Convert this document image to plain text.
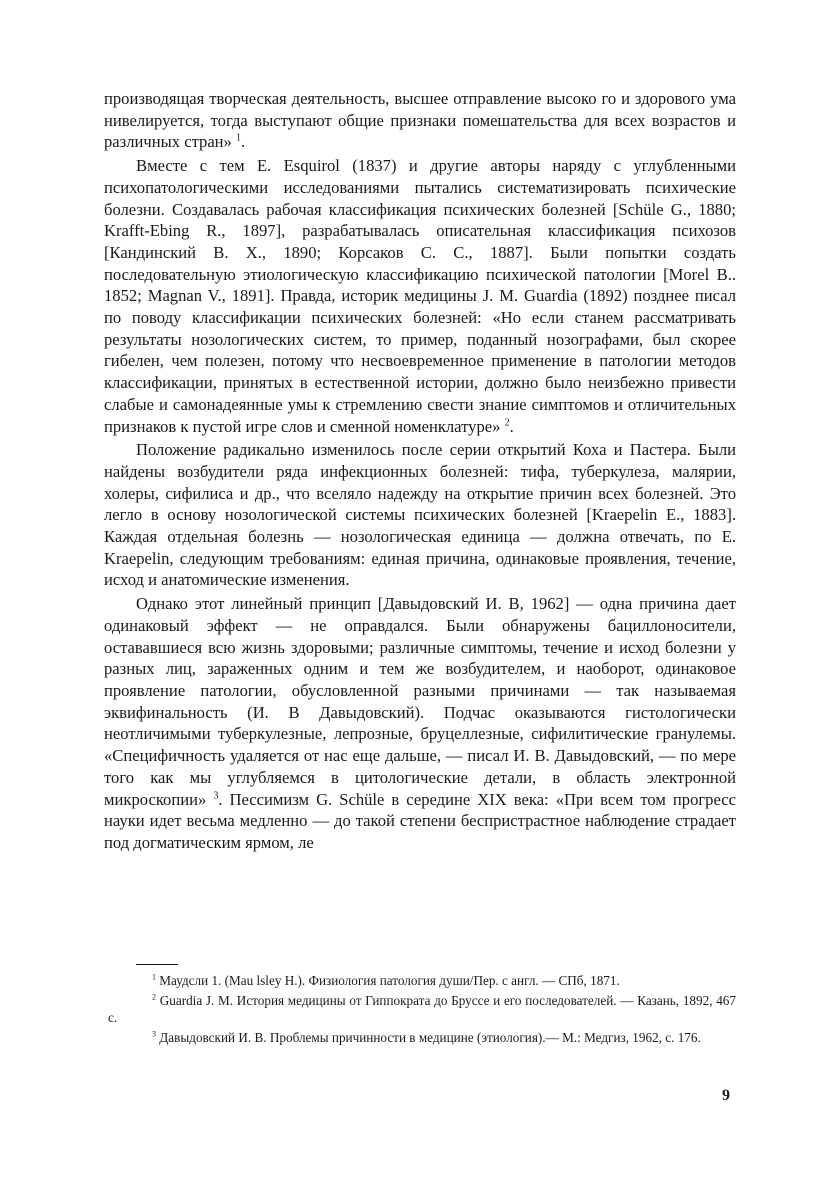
производящая творческая деятельность, высшее отправление высоко го и здорового ума нивелируется, тогда выступают общие признаки помешательства для всех возрастов и различных стран» $^1$.

Вместе с тем E. Esquirol (1837) и другие авторы наряду с углубленными психопатологическими исследованиями пытались систематизировать психические болезни. Создавалась рабочая классификация психических болезней [Schüle G., 1880; Krafft-Ebing R., 1897], разрабатывалась описательная классификация психозов [Кандинский В. Х., 1890; Корсаков С. С., 1887]. Были попытки создать последовательную этиологическую классификацию психической патологии [Morel B.. 1852; Magnan V., 1891]. Правда, историк медицины J. M. Guardia (1892) позднее писал по поводу классификации психических болезней: «Но если станем рассматривать результаты нозологических систем, то пример, поданный нозографами, был скорее гибелен, чем полезен, потому что несвоевременное применение в патологии методов классификации, принятых в естественной истории, должно было неизбежно привести слабые и самонадеянные умы к стремлению свести знание симптомов и отличительных признаков к пустой игре слов и сменной номенклатуре» $^2$.

Положение радикально изменилось после серии открытий Коха и Пастера. Были найдены возбудители ряда инфекционных болезней: тифа, туберкулеза, малярии, холеры, сифилиса и др., что вселяло надежду на открытие причин всех болезней. Это легло в основу нозологической системы психических болезней [Kraepelin E., 1883]. Каждая отдельная болезнь — нозологическая единица — должна отвечать, по E. Kraepelin, следующим требованиям: единая причина, одинаковые проявления, течение, исход и анатомические изменения.

Однако этот линейный принцип [Давыдовский И. В, 1962] — одна причина дает одинаковый эффект — не оправдался. Были обнаружены бациллоносители, остававшиеся всю жизнь здоровыми; различные симптомы, течение и исход болезни у разных лиц, зараженных одним и тем же возбудителем, и наоборот, одинаковое проявление патологии, обусловленной разными причинами — так называемая эквифинальность (И. В Давыдовский). Подчас оказываются гистологически неотличимыми туберкулезные, лепрозные, бруцеллезные, сифилитические гранулемы. «Специфичность удаляется от нас еще дальше, — писал И. В. Давыдовский, — по мере того как мы углубляемся в цитологические детали, в область электронной микроскопии» $^3$. Пессимизм G. Schüle в середине XIX века: «При всем том прогресс науки идет весьма медленно — до такой степени беспристрастное наблюдение страдает под догматическим ярмом, ле

$^1$ Маудсли 1. (Mau lsley H.). Физиология патология души/Пер. с англ. — СПб, 1871.

$^2$ Guardia J. M. История медицины от Гиппократа до Бруссе и его последователей. — Казань, 1892, 467 с.

$^3$ Давыдовский И. В. Проблемы причинности в медицине (этиология).— М.: Медгиз, 1962, с. 176.

9
